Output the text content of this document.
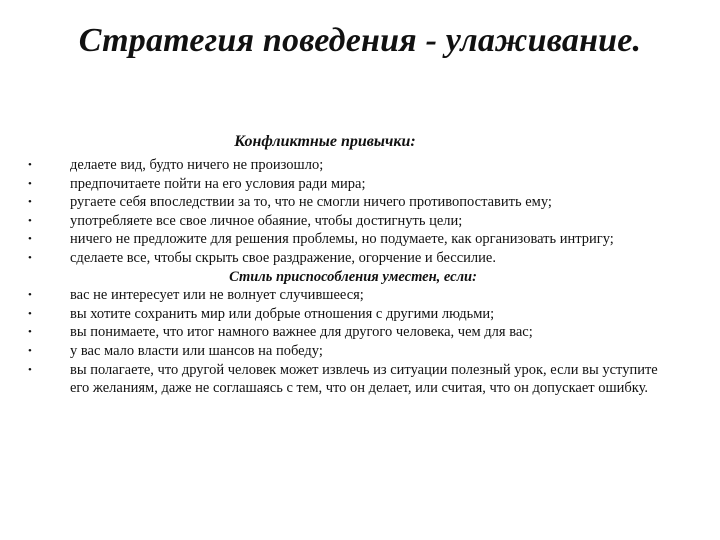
Стратегия поведения - улаживание.
Конфликтные привычки:
•	делаете вид, будто ничего не произошло;
•	предпочитаете пойти на его условия ради мира;
•	ругаете себя впоследствии за то, что не смогли ничего противопоставить ему;
•	употребляете все свое личное обаяние, чтобы достигнуть цели;
•	ничего не предложите для решения проблемы, но подумаете, как организовать интригу;
•	сделаете все, чтобы скрыть свое раздражение, огорчение и бессилие.
Стиль приспособления уместен, если:
•	вас не интересует или не волнует случившееся;
•	вы хотите сохранить мир или добрые отношения с другими людьми;
•	вы понимаете, что итог намного важнее для другого человека, чем для вас;
•	у вас мало власти или шансов на победу;
•	вы полагаете, что другой человек может извлечь из ситуации полезный урок, если вы уступите его желаниям, даже не соглашаясь с тем, что он делает, или считая, что он допускает ошибку.
